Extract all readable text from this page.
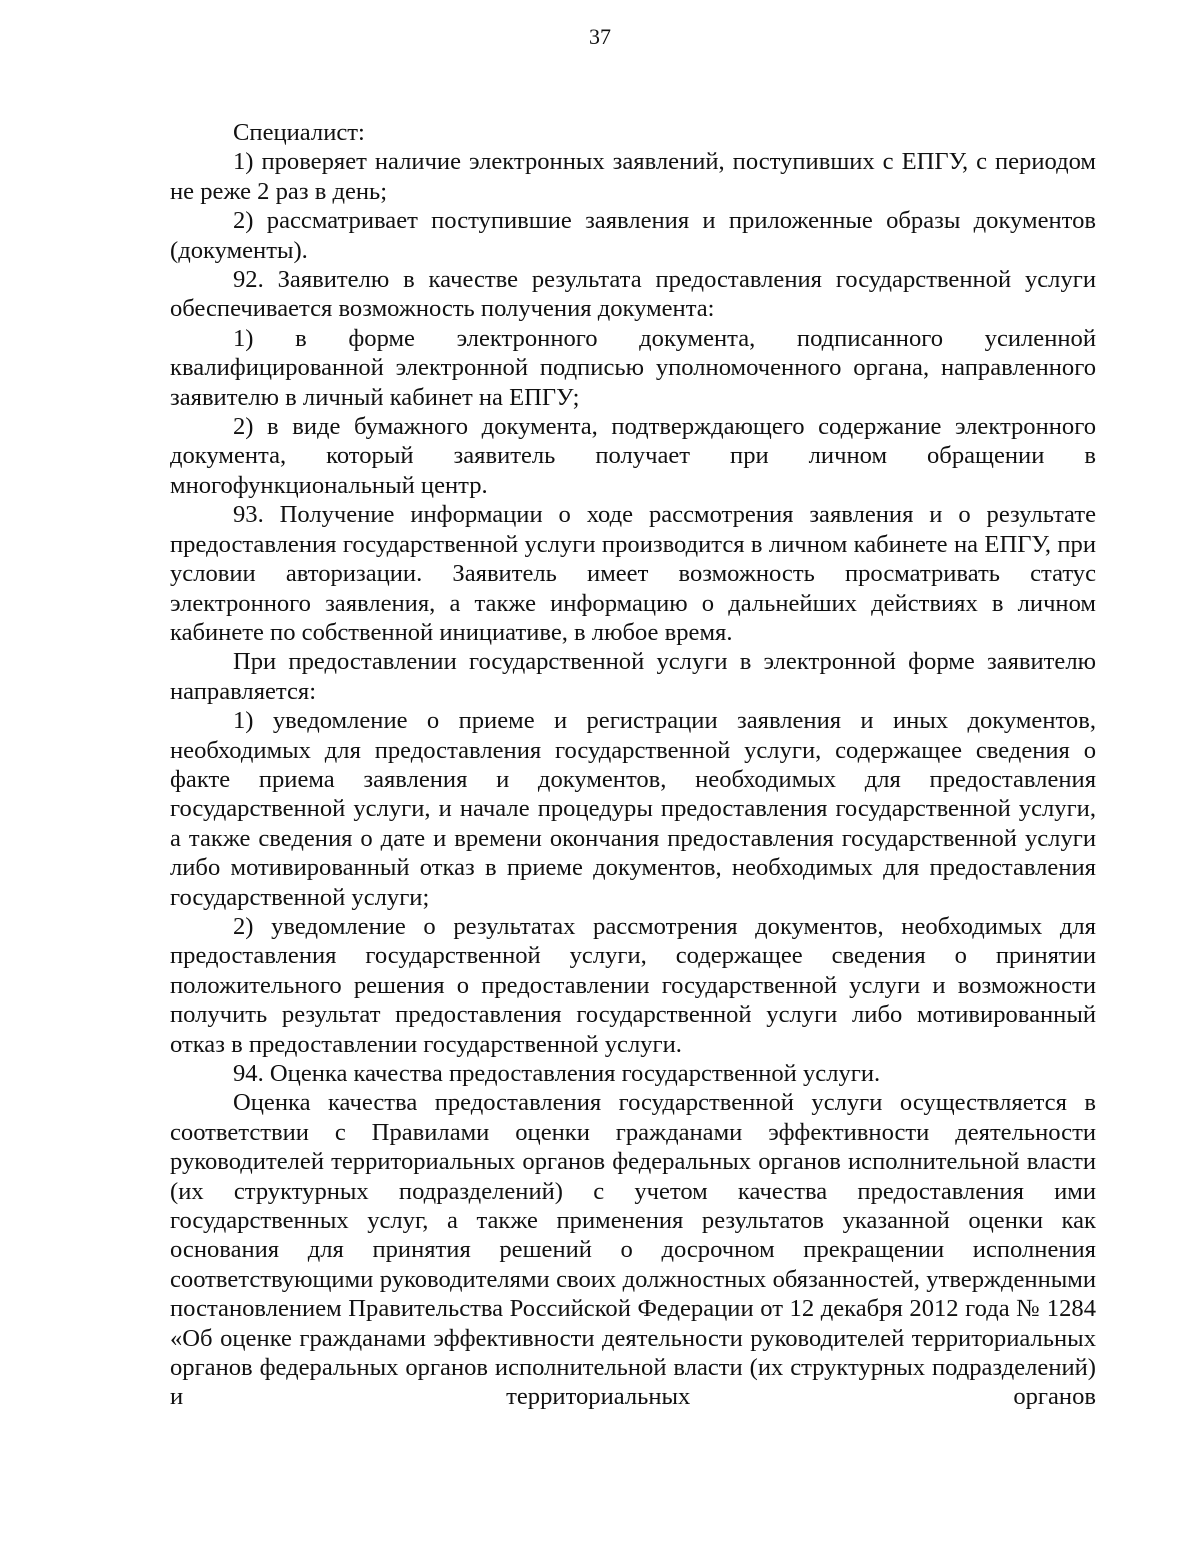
37

Специалист:

1) проверяет наличие электронных заявлений, поступивших с ЕПГУ, с периодом не реже 2 раз в день;

2) рассматривает поступившие заявления и приложенные образы документов (документы).

92. Заявителю в качестве результата предоставления государственной услуги обеспечивается возможность получения документа:

1) в форме электронного документа, подписанного усиленной квалифицированной электронной подписью уполномоченного органа, направленного заявителю в личный кабинет на ЕПГУ;

2) в виде бумажного документа, подтверждающего содержание электронного документа, который заявитель получает при личном обращении в многофункциональный центр.

93. Получение информации о ходе рассмотрения заявления и о результате предоставления государственной услуги производится в личном кабинете на ЕПГУ, при условии авторизации. Заявитель имеет возможность просматривать статус электронного заявления, а также информацию о дальнейших действиях в личном кабинете по собственной инициативе, в любое время.

При предоставлении государственной услуги в электронной форме заявителю направляется:

1) уведомление о приеме и регистрации заявления и иных документов, необходимых для предоставления государственной услуги, содержащее сведения о факте приема заявления и документов, необходимых для предоставления государственной услуги, и начале процедуры предоставления государственной услуги, а также сведения о дате и времени окончания предоставления государственной услуги либо мотивированный отказ в приеме документов, необходимых для предоставления государственной услуги;

2) уведомление о результатах рассмотрения документов, необходимых для предоставления государственной услуги, содержащее сведения о принятии положительного решения о предоставлении государственной услуги и возможности получить результат предоставления государственной услуги либо мотивированный отказ в предоставлении государственной услуги.

94. Оценка качества предоставления государственной услуги.

Оценка качества предоставления государственной услуги осуществляется в соответствии с Правилами оценки гражданами эффективности деятельности руководителей территориальных органов федеральных органов исполнительной власти (их структурных подразделений) с учетом качества предоставления ими государственных услуг, а также применения результатов указанной оценки как основания для принятия решений о досрочном прекращении исполнения соответствующими руководителями своих должностных обязанностей, утвержденными постановлением Правительства Российской Федерации от 12 декабря 2012 года № 1284 «Об оценке гражданами эффективности деятельности руководителей территориальных органов федеральных органов исполнительной власти (их структурных подразделений) и территориальных органов
